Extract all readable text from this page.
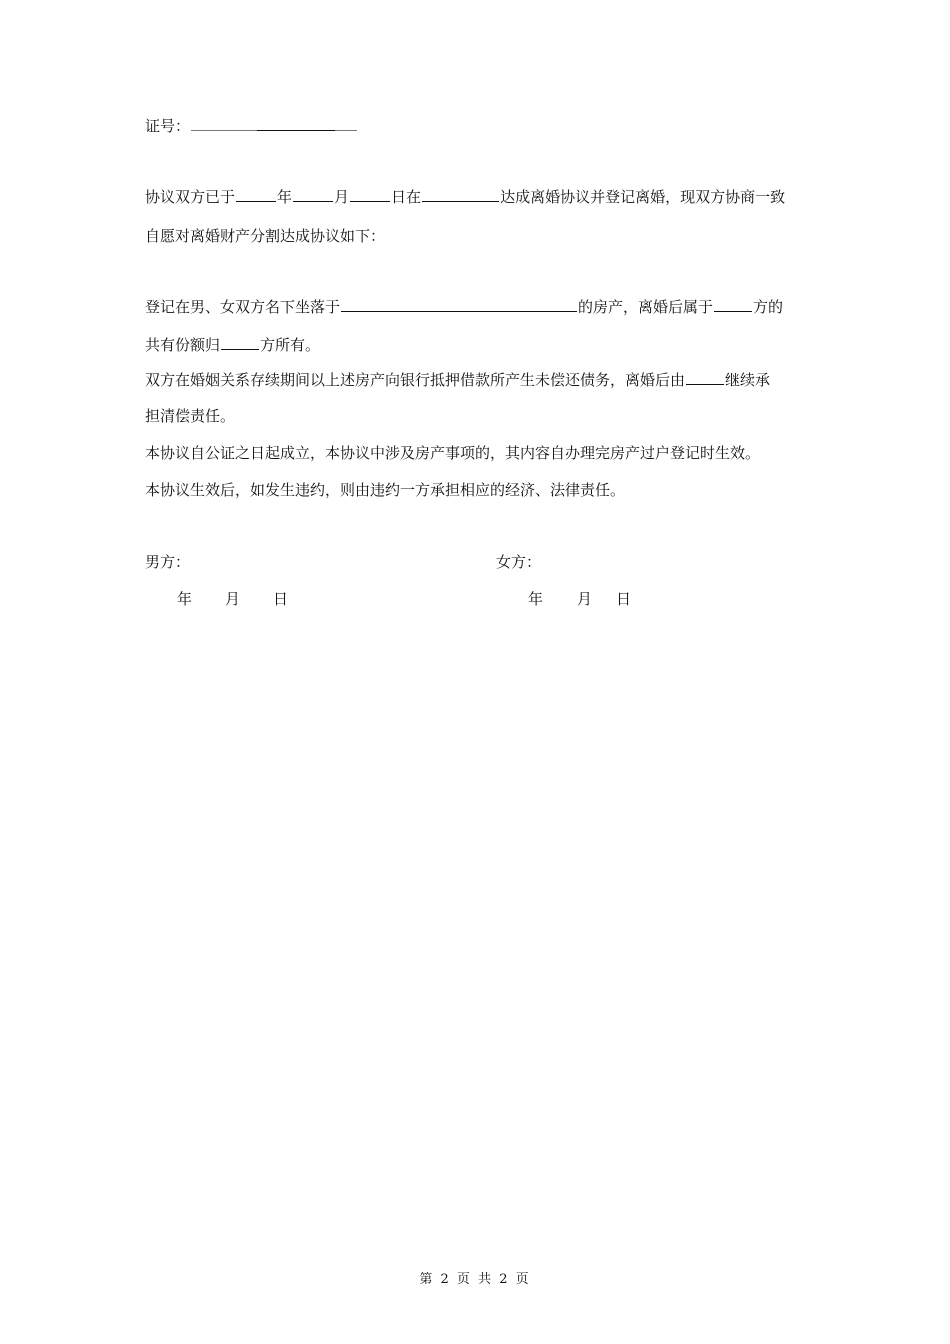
证号：
协议双方已于	年	月	日在	达成离婚协议并登记离婚，现双方协商一致
自愿对离婚财产分割达成协议如下：
登记在男、女双方名下坐落于	的房产，离婚后属于	方的
共有份额归	方所有。
双方在婚姻关系存续期间以上述房产向银行抵押借款所产生未偿还债务，离婚后由	继续承
担清偿责任。
本协议自公证之日起成立，本协议中涉及房产事项的，其内容自办理完房产过户登记时生效。
本协议生效后，如发生违约，则由违约一方承担相应的经济、法律责任。
男方：	女方：
年 月 日	年 月 日
第 2 页 共 2 页
